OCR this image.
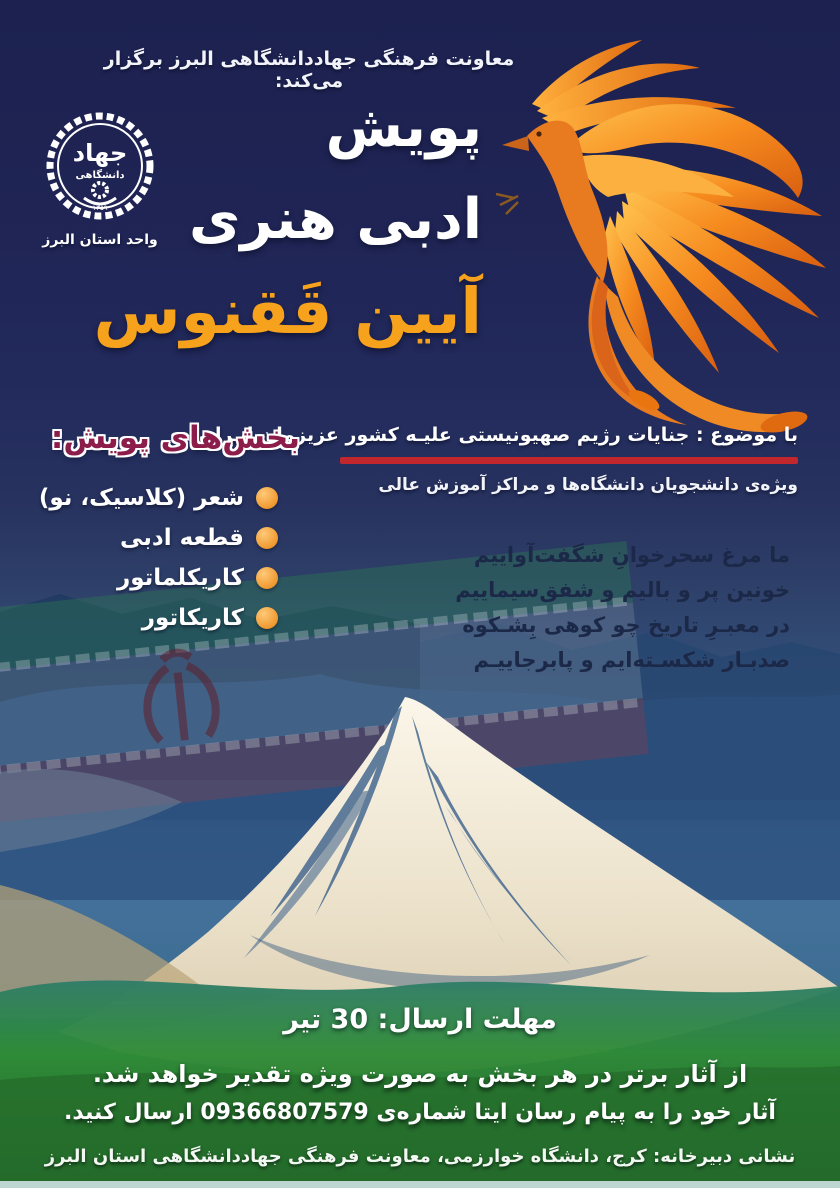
جهاد
دانشگاهی
۱۳۵۹
واحد استان البرز
معاونت فرهنگی جهاددانشگاهی البرز برگزار می‌کند:
پویش
ادبی هنری
آیین قَقنوس
با موضوع : جنایات رژیم صهیونیستی علیـه کشور عزیزمان ایـران
ویژه‌ی دانشجویان دانشگاه‌ها و مراکز آموزش عالی
بخش‌های پویش:
شعر (کلاسیک، نو)
قطعه ادبی
کاریکلماتور
کاریکاتور
ما مرغ سحرخوانِ شگفت‌آواییم
خونین پر و بالیم و شفق‌سیماییم
در معبـرِ تاریخ چو کوهی بِشـکوه
صدبـار شکسـته‌ایم و پابرجاییـم
مهلت ارسال: 30 تیر
از آثار برتر در هر بخش به صورت ویژه تقدیر خواهد شد.
آثار خود را به پیام رسان ایتا شماره‌ی 09366807579 ارسال کنید.
نشانی دبیرخانه: کرج، دانشگاه خوارزمی، معاونت فرهنگی جهاددانشگاهی استان البرز
